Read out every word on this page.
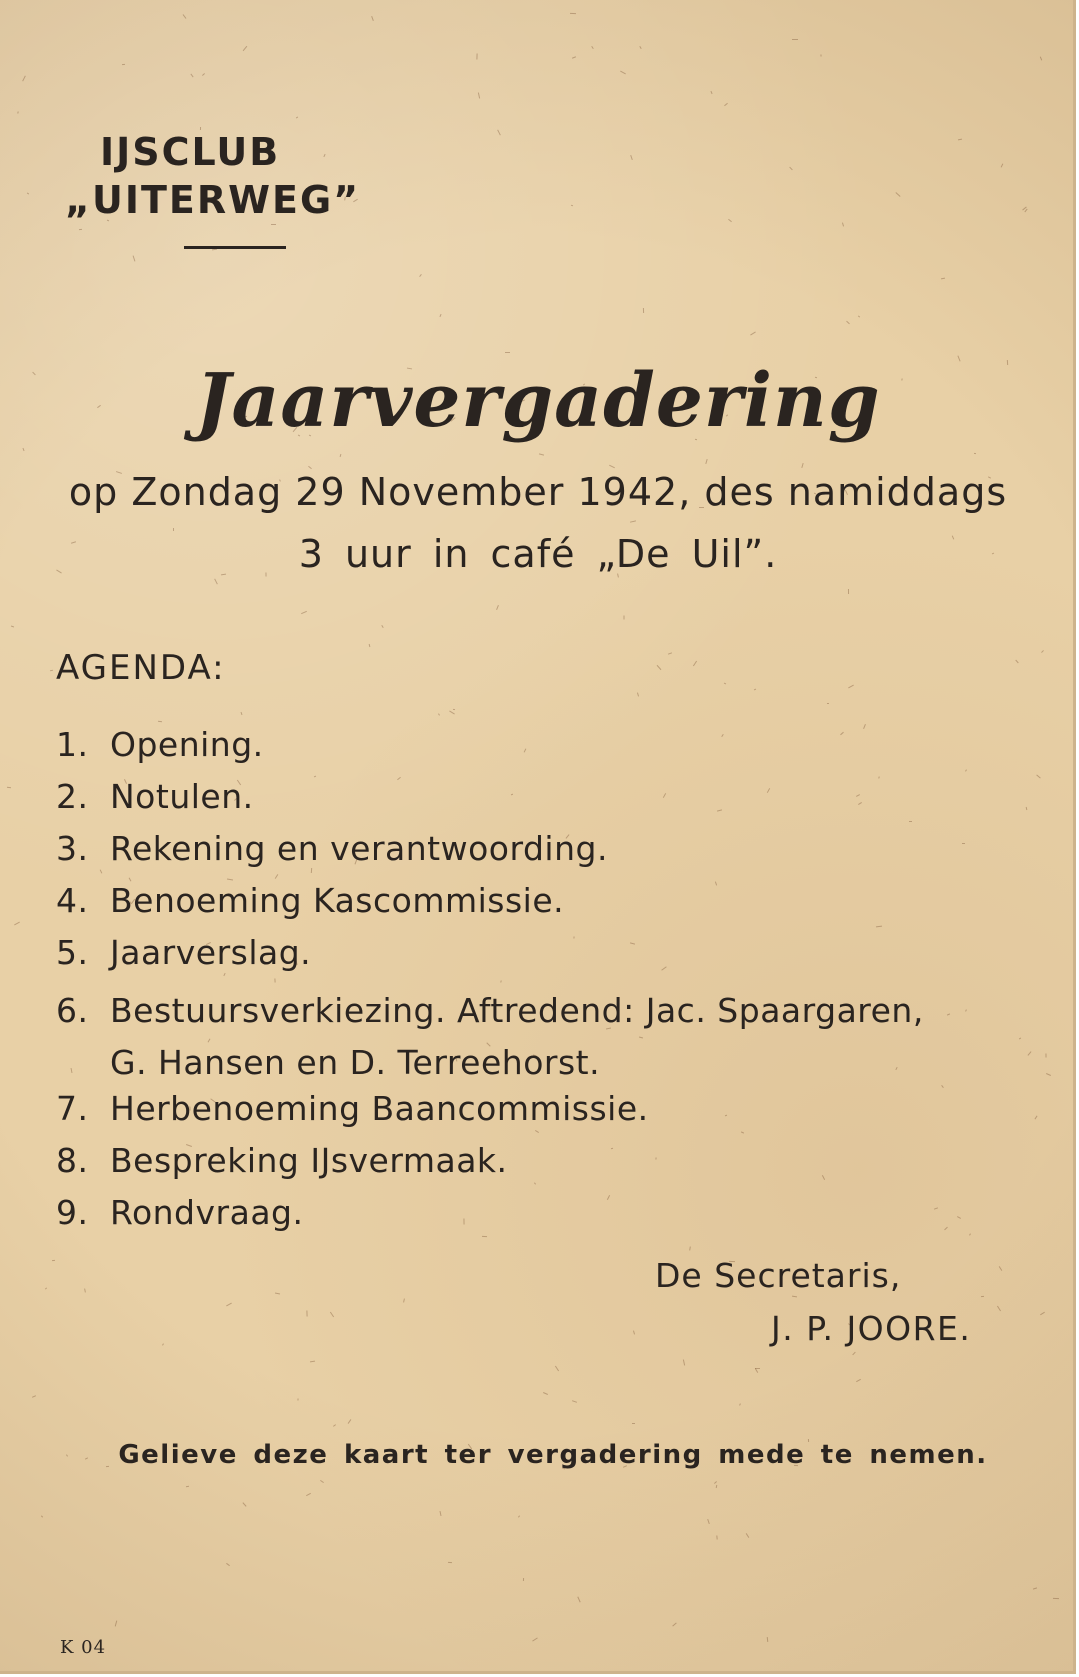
IJSCLUB
„UITERWEG”
Jaarvergadering
op Zondag 29 November 1942, des namiddags
3 uur in café „De Uil”.
AGENDA:
1. Opening.
2. Notulen.
3. Rekening en verantwoording.
4. Benoeming Kascommissie.
5. Jaarverslag.
6. Bestuursverkiezing. Aftredend: Jac. Spaargaren,
G. Hansen en D. Terreehorst.
7. Herbenoeming Baancommissie.
8. Bespreking IJsvermaak.
9. Rondvraag.
De Secretaris,
J. P. JOORE.
Gelieve deze kaart ter vergadering mede te nemen.
K 04
